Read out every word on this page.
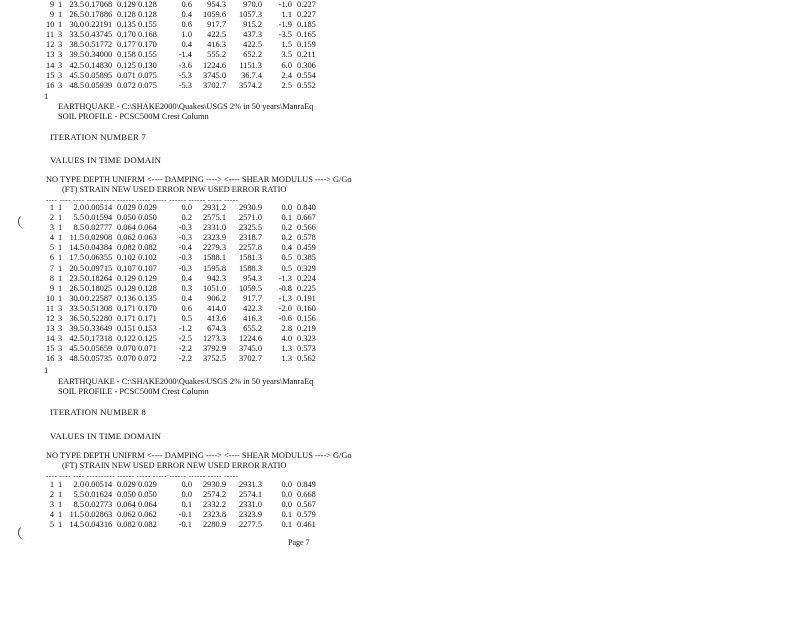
9 1 23.5 0.17068 0.129 0.128	0.6	954.3	970.0	-1.0 0.227
9 1 26.5 0.17886 0.128 0.128	0.4	1059.6	1057.3	1.1 0.227
10 1 30.0 0.22191 0.135 0.155	0.6	917.7	915.2	-1.9 0.185
11 3 33.5 0.43745 0.170 0.168	1.0	422.5	437.3	-3.5 0.165
12 3 38.5 0.51772 0.177 0.170	0.4	416.3	422.5	1.5 0.159
13 3 39.5 0.34000 0.158 0.155	-1.4	555.2	652.2	3.5 0.211
14 3 42.5 0.14830 0.125 0.130	-3.6	1224.6	1151.3	6.0 0.306
15 3 45.5 0.05895 0.071 0.075	-5.3	3745.0	36.7.4	2.4 0.554
16 3 48.5 0.05939 0.072 0.075	-5.3	3702.7	3574.2	2.5 0.552
1
EARTHQUAKE - C:\SHAKE2000\Quakes\USGS 2% in 50 years\ManraEq
SOIL PROFILE - PCSC500M Crest Column
ITERATION NUMBER 7
VALUES IN TIME DOMAIN
NO TYPE DEPTH UNIFRM <---- DAMPING ----> <---- SHEAR MODULUS ----> G/Go
(FT) STRAIN NEW USED ERROR NEW USED ERROR RATIO
---- ---- ---- ---------- ------ ----- ----- ------ ------ ----- -----
1 1	2.0 0.00514 0.029 0.029	0.0	2931.2	2930.9	0.0 0.840
2 1	5.5 0.01594 0.050 0.050	0.2	2575.1	2571.0	0.1 0.667
3 1	8.5 0.02777 0.064 0.064	-0.3	2331.0	2325.5	0.2 0.566
4 1 11.5 0.02908 0.062 0.063	-0.3	2323.9	2318.7	0.2 0.578
5 1 14.5 0.04384 0.082 0.082	-0.4	2279.3	2257.8	0.4 0.459
6 1 17.5 0.06355 0.102 0.102	-0.3	1588.1	1581.3	0.5 0.385
7 1 20.5 0.09715 0.107 0.107	-0.3	1595.8	1588.3	0.5 0.329
8 1 23.5 0.18264 0.129 0.129	0.4	942.3	954.3	-1.3 0.224
9 1 26.5 0.18025 0.129 0.128	0.3	1051.0	1059.5	-0.8 0.225
10 1 30.0 0.22587 0.136 0.135	0.4	906.2	917.7	-1.3 0.191
11 3 33.5 0.51308 0.171 0.170	0.6	414.0	422.3	-2.0 0.160
12 3 36.5 0.52280 0.171 0.171	0.5	413.6	416.3	-0.6 0.156
13 3 39.5 0.33649 0.151 0.153	-1.2	674.3	655.2	2.8 0.219
14 3 42.5 0.17318 0.122 0.125	-2.5	1273.3	1224.6	4.0 0.323
15 3 45.5 0.05659 0.070 0.071	-2.2	3792.9	3745.0	1.3 0.573
16 3 48.5 0.05735 0.070 0.072	-2.2	3752.5	3702.7	1.3 0.562
1
EARTHQUAKE - C:\SHAKE2000\Quakes\USGS 2% in 50 years\ManraEq
SOIL PROFILE - PCSC500M Crest Column
ITERATION NUMBER 8
VALUES IN TIME DOMAIN
NO TYPE DEPTH UNIFRM <---- DAMPING ----> <---- SHEAR MODULUS ----> G/Go
(FT) STRAIN NEW USED ERROR NEW USED ERROR RATIO
---- ---- ---- ---------- ------ ----- ----- ------ ------ ----- -----
1 1	2.0 0.00514 0.029 0.029	0.0	2930.9	2931.3	0.0 0.849
2 1	5.5 0.01624 0.050 0.050	0.0	2574.2	2574.1	0.0 0.668
3 1	8.5 0.02773 0.064 0.064	0.1	2332.2	2331.0	0.0 0.567
4 1 11.5 0.02863 0.062 0.062	-0.1	2323.8	2323.9	0.1 0.579
5 1 14.5 0.04316 0.082 0.082	-0.1	2280.9	2277.5	0.1 0.461
Page 7
